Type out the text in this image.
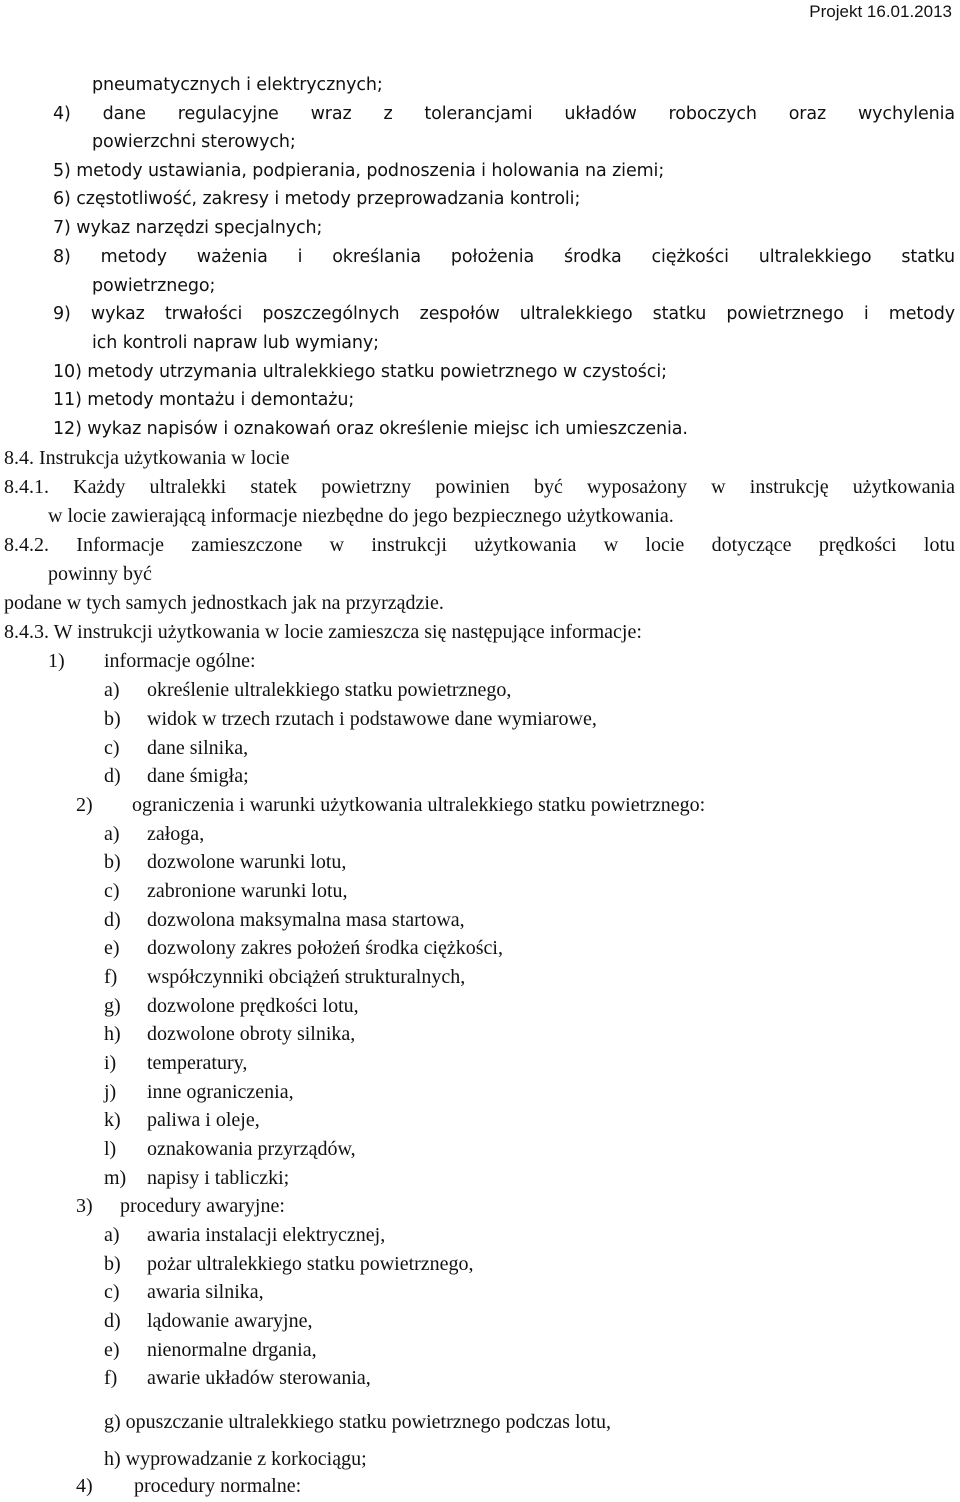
Projekt 16.01.2013
pneumatycznych i elektrycznych;
4) dane regulacyjne wraz z tolerancjami układów roboczych oraz wychylenia
powierzchni sterowych;
5) metody ustawiania, podpierania, podnoszenia i holowania na ziemi;
6) częstotliwość, zakresy i metody przeprowadzania kontroli;
7) wykaz narzędzi specjalnych;
8) metody ważenia i określania położenia środka ciężkości ultralekkiego statku
powietrznego;
9) wykaz trwałości poszczególnych zespołów ultralekkiego statku powietrznego i metody
ich kontroli napraw lub wymiany;
10) metody utrzymania ultralekkiego statku powietrznego w czystości;
11) metody montażu i demontażu;
12) wykaz napisów i oznakowań oraz określenie miejsc ich umieszczenia.
8.4. Instrukcja użytkowania w locie
8.4.1. Każdy ultralekki statek powietrzny powinien być wyposażony w instrukcję użytkowania
w locie zawierającą informacje niezbędne do jego bezpiecznego użytkowania.
8.4.2. Informacje zamieszczone w instrukcji użytkowania w locie dotyczące prędkości lotu
powinny być
podane w tych samych jednostkach jak na przyrządzie.
8.4.3. W instrukcji użytkowania w locie zamieszcza się następujące informacje:
1) informacje ogólne:
a) określenie ultralekkiego statku powietrznego,
b) widok w trzech rzutach i podstawowe dane wymiarowe,
c) dane silnika,
d) dane śmigła;
2) ograniczenia i warunki użytkowania ultralekkiego statku powietrznego:
a) załoga,
b) dozwolone warunki lotu,
c) zabronione warunki lotu,
d) dozwolona maksymalna masa startowa,
e) dozwolony zakres położeń środka ciężkości,
f) współczynniki obciążeń strukturalnych,
g) dozwolone prędkości lotu,
h) dozwolone obroty silnika,
i) temperatury,
j) inne ograniczenia,
k) paliwa i oleje,
l) oznakowania przyrządów,
m) napisy i tabliczki;
3) procedury awaryjne:
a) awaria instalacji elektrycznej,
b) pożar ultralekkiego statku powietrznego,
c) awaria silnika,
d) lądowanie awaryjne,
e) nienormalne drgania,
f) awarie układów sterowania,
g) opuszczanie ultralekkiego statku powietrznego podczas lotu,
h) wyprowadzanie z korkociągu;
4) procedury normalne:
